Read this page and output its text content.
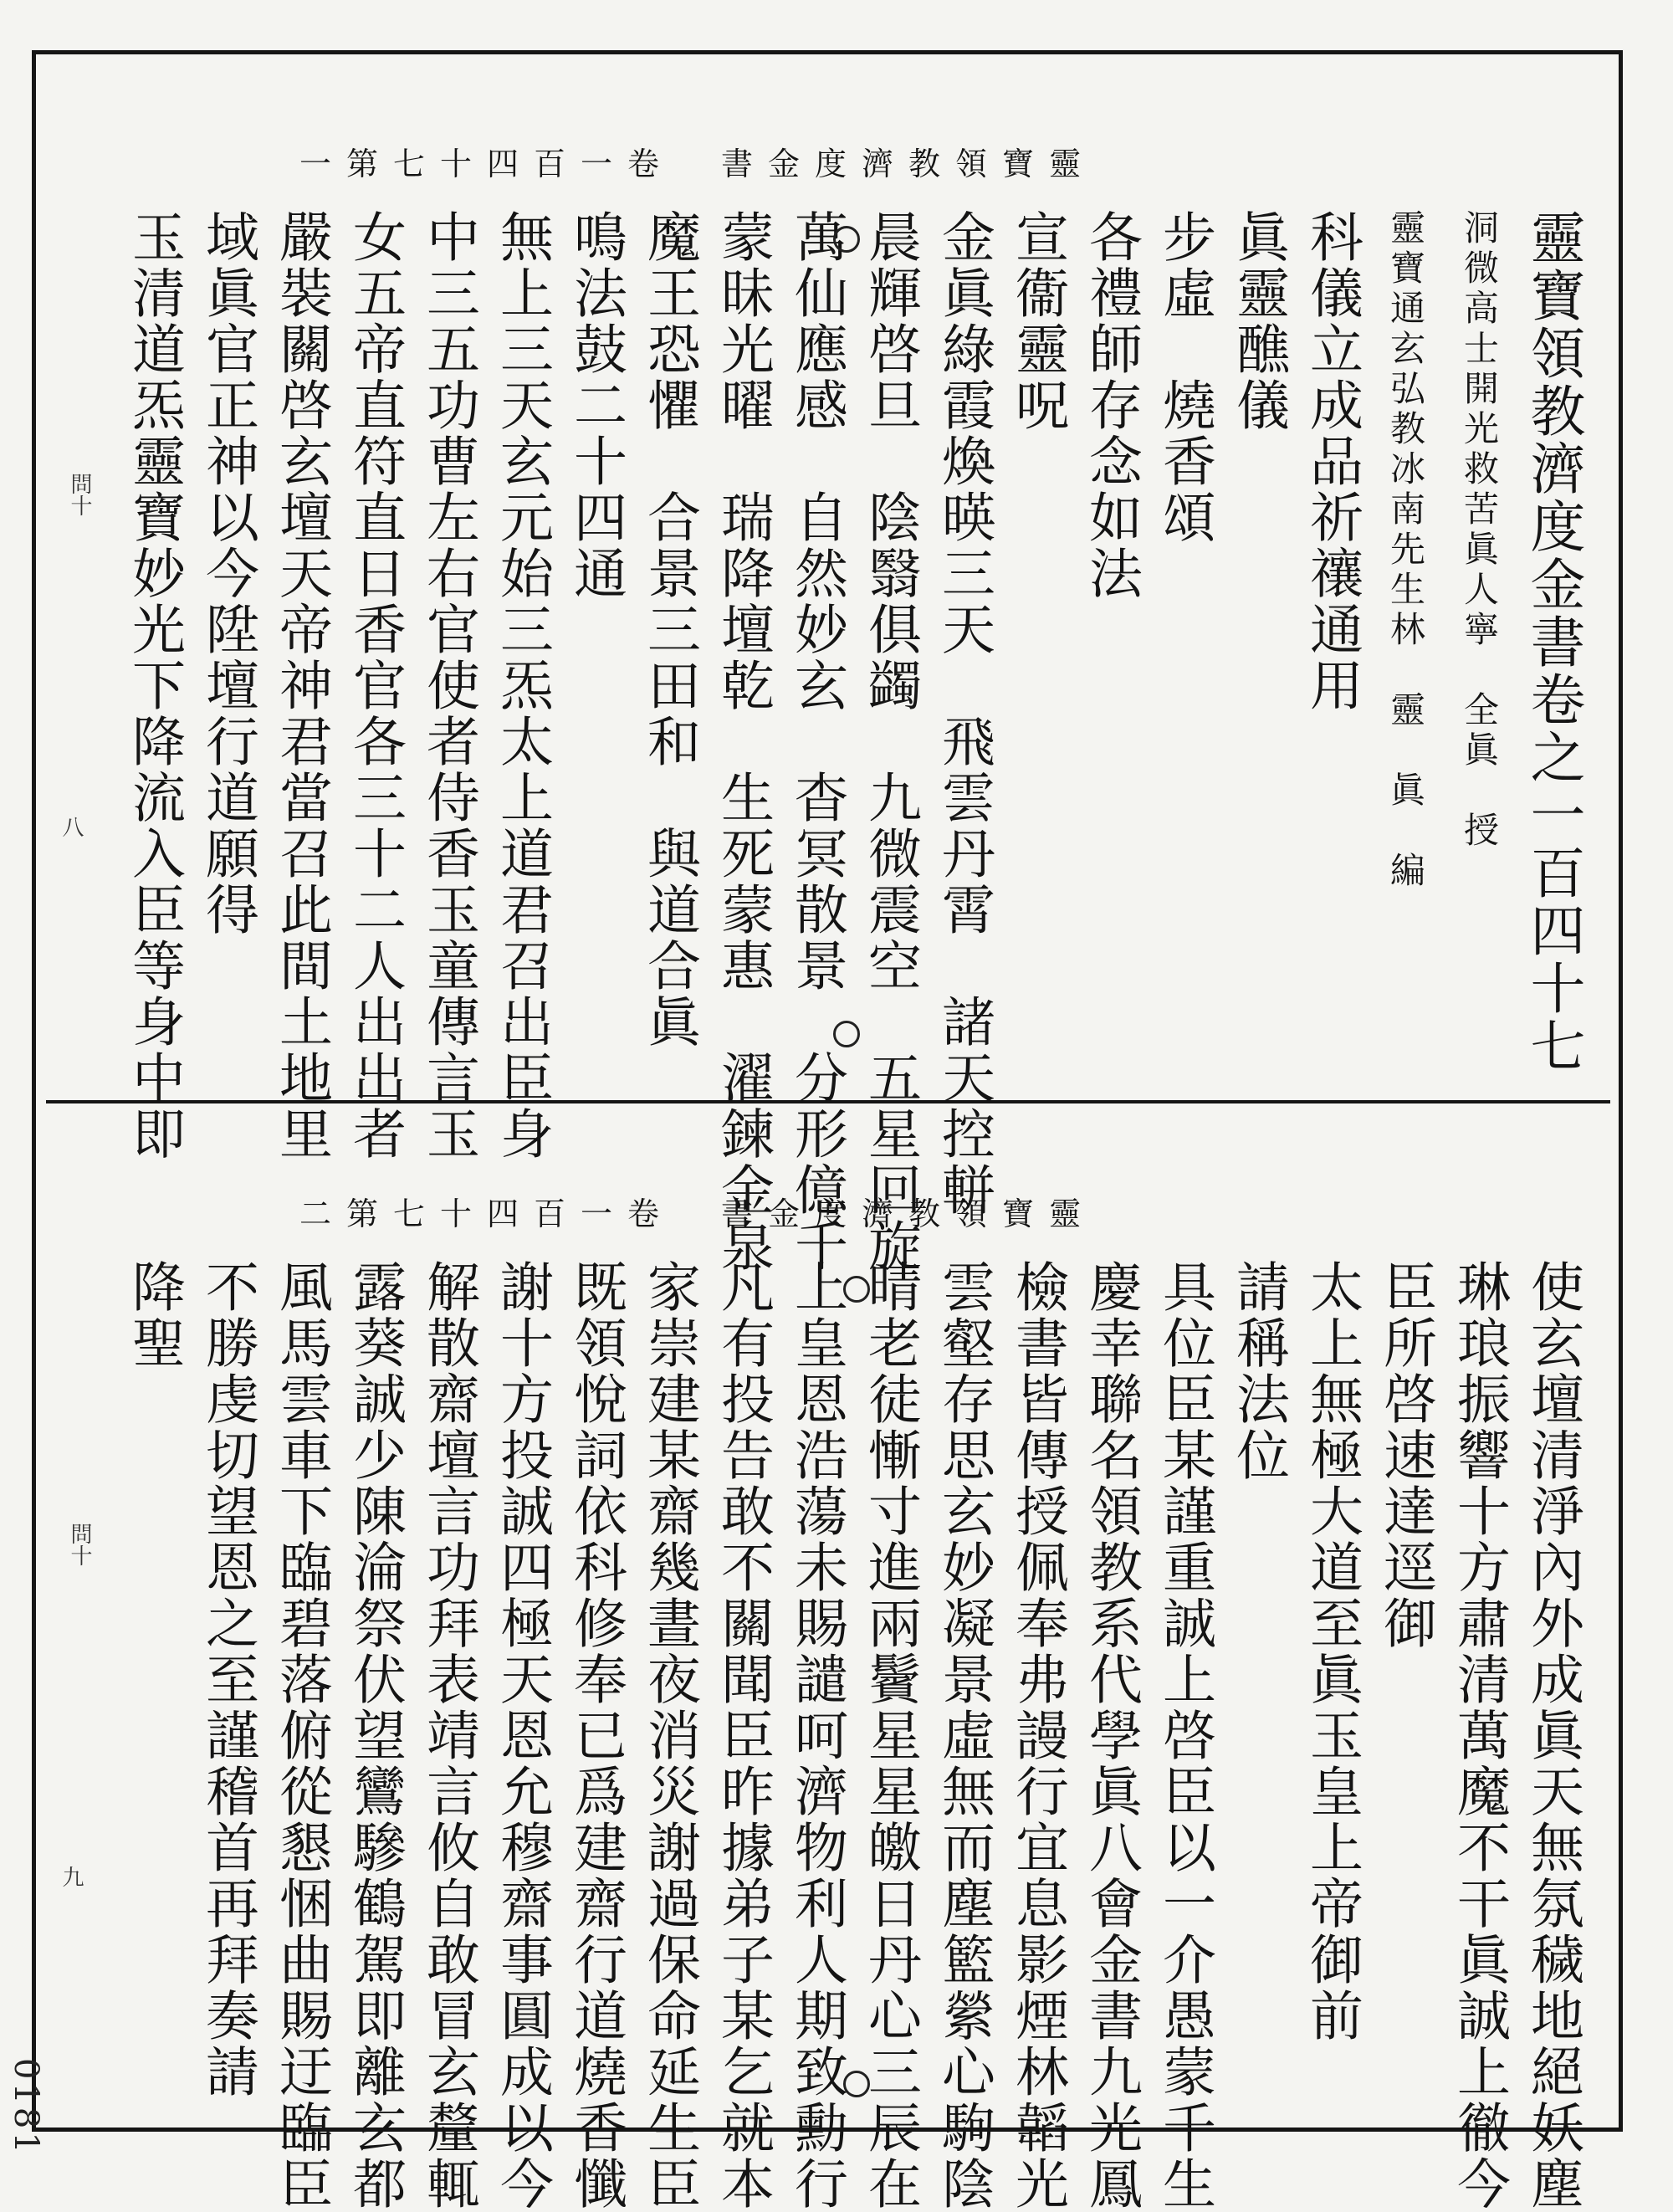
靈寶領教濟度金書　卷一百四十七第一
靈寶領教濟度金書卷之一百四十七
洞微高士開光救苦眞人寧　全眞　授
靈寶通玄弘教冰南先生林　靈　眞　編
科儀立成品祈禳通用
眞靈醮儀
步虛　燒香頌
各禮師存念如法
宣衞靈呪
金眞綠霞煥暎三天　飛雲丹霄　諸天控軿
晨輝啓旦　陰翳俱蠲　九微震空　五星回旋
萬仙應感　自然妙玄　杳冥散景　分形億千
蒙昧光曜　瑞降壇乾　生死蒙惠　濯鍊金泉
魔王恐懼　合景三田和　與道合眞
鳴法鼓二十四通
無上三天玄元始三炁太上道君召出臣身
中三五功曹左右官使者侍香玉童傳言玉
女五帝直符直日香官各三十二人出出者
嚴裝關啓玄壇天帝神君當召此間土地里
域眞官正神以今陞壇行道願得
玉清道炁靈寶妙光下降流入臣等身中即
問十
八
靈寶領教濟度金書　卷一百四十七第二
使玄壇清淨內外成眞天無氛穢地絕妖塵
琳琅振響十方肅清萬魔不干眞誠上徹今
臣所啓速達逕御
太上無極大道至眞玉皇上帝御前
請稱法位
具位臣某謹重誠上啓臣以一介愚蒙千生
慶幸聯名領教系代學眞八會金書九光鳳
檢書皆傳授佩奉弗謾行宜息影煙林韜光
雲壑存思玄妙凝景虛無而塵籃縈心駒陰
晴老徒慚寸進兩鬢星星皦日丹心三辰在
上皇恩浩蕩未賜譴呵濟物利人期致勳行
凡有投告敢不關聞臣昨據弟子某乞就本
家崇建某齋幾晝夜消災謝過保命延生臣
既領悅詞依科修奉已爲建齋行道燒香懺
謝十方投誠四極天恩允穆齋事圓成以今
解散齋壇言功拜表靖言攸自敢冒玄釐輒
露葵誠少陳淪祭伏望鸞驂鶴駕即離玄都
風馬雲車下臨碧落俯從懇悃曲賜迂臨臣
不勝虔切望恩之至謹稽首再拜奏請
降聖
問十
九
0181
